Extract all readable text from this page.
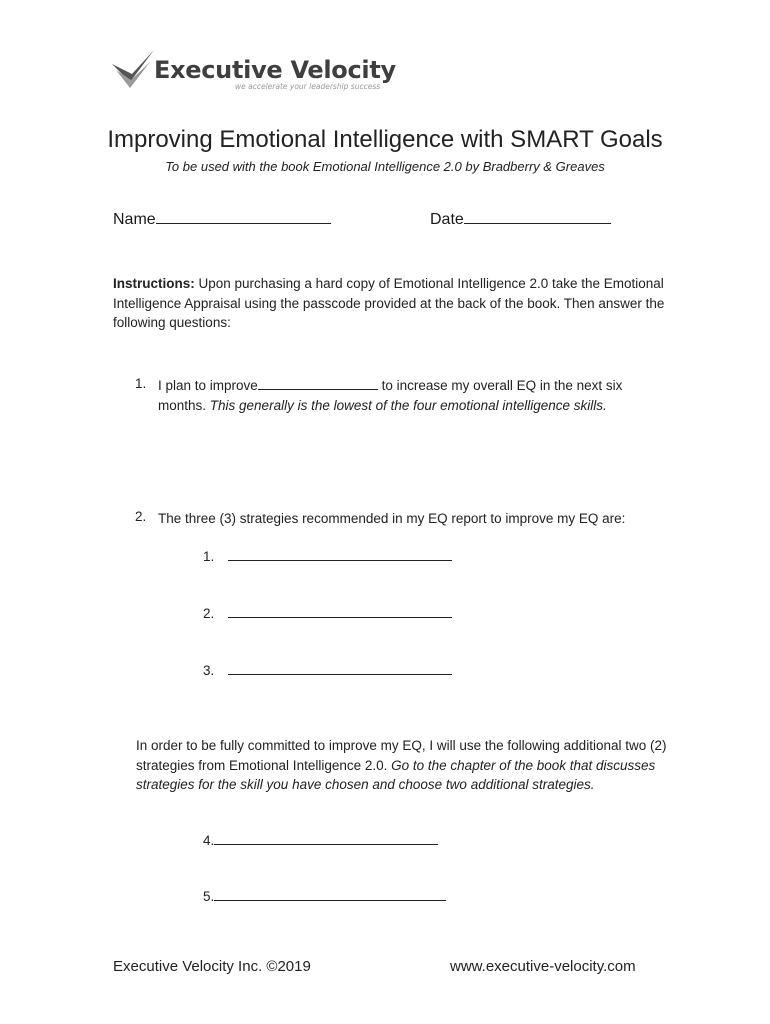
Executive Velocity
we accelerate your leadership success
Improving Emotional Intelligence with SMART Goals
To be used with the book Emotional Intelligence 2.0 by Bradberry & Greaves
Name	Date
Instructions: Upon purchasing a hard copy of Emotional Intelligence 2.0 take the Emotional Intelligence Appraisal using the passcode provided at the back of the book. Then answer the following questions:
1. I plan to improve	to increase my overall EQ in the next six months. This generally is the lowest of the four emotional intelligence skills.
2. The three (3) strategies recommended in my EQ report to improve my EQ are:
1.
2.
3.
In order to be fully committed to improve my EQ, I will use the following additional two (2) strategies from Emotional Intelligence 2.0. Go to the chapter of the book that discusses strategies for the skill you have chosen and choose two additional strategies.
4.
5.
Executive Velocity Inc. ©2019	www.executive-velocity.com
